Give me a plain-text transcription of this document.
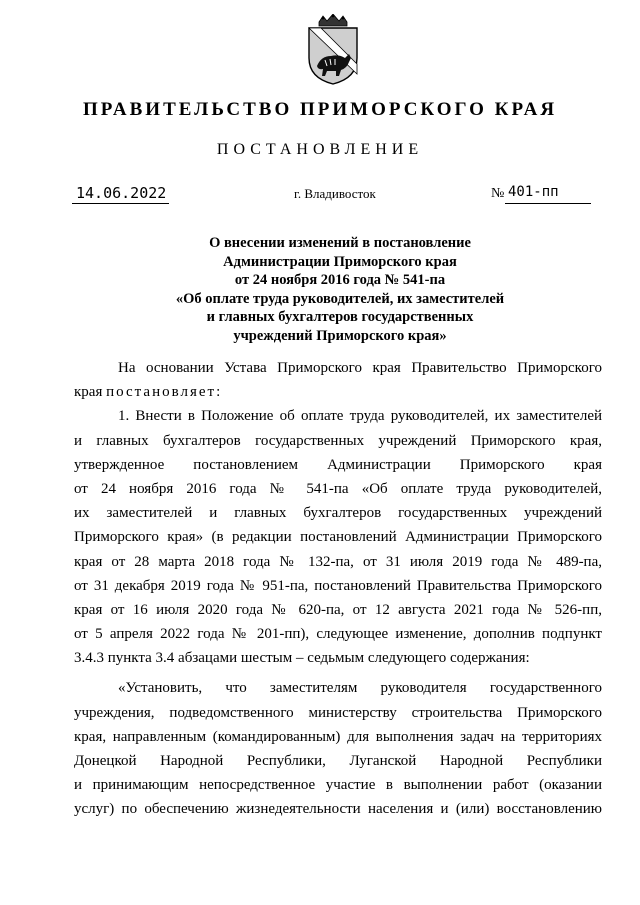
ПРАВИТЕЛЬСТВО ПРИМОРСКОГО КРАЯ
ПОСТАНОВЛЕНИЕ
14.06.2022	г. Владивосток	№ 401-пп
О внесении изменений в постановление
Администрации Приморского края
от 24 ноября 2016 года № 541-па
«Об оплате труда руководителей, их заместителей
и главных бухгалтеров государственных
учреждений Приморского края»
На основании Устава Приморского края Правительство Приморского
края постановляет:
1. Внести в Положение об оплате труда руководителей, их заместителей
и главных бухгалтеров государственных учреждений Приморского края,
утвержденное постановлением Администрации Приморского края
от 24 ноября 2016 года № 541-па «Об оплате труда руководителей,
их заместителей и главных бухгалтеров государственных учреждений
Приморского края» (в редакции постановлений Администрации Приморского
края от 28 марта 2018 года № 132-па, от 31 июля 2019 года № 489-па,
от 31 декабря 2019 года № 951-па, постановлений Правительства Приморского
края от 16 июля 2020 года № 620-па, от 12 августа 2021 года № 526-пп,
от 5 апреля 2022 года № 201-пп), следующее изменение, дополнив подпункт
3.4.3 пункта 3.4 абзацами шестым – седьмым следующего содержания:
«Установить, что заместителям руководителя государственного
учреждения, подведомственного министерству строительства Приморского
края, направленным (командированным) для выполнения задач на территориях
Донецкой Народной Республики, Луганской Народной Республики
и принимающим непосредственное участие в выполнении работ (оказании
услуг) по обеспечению жизнедеятельности населения и (или) восстановлению
